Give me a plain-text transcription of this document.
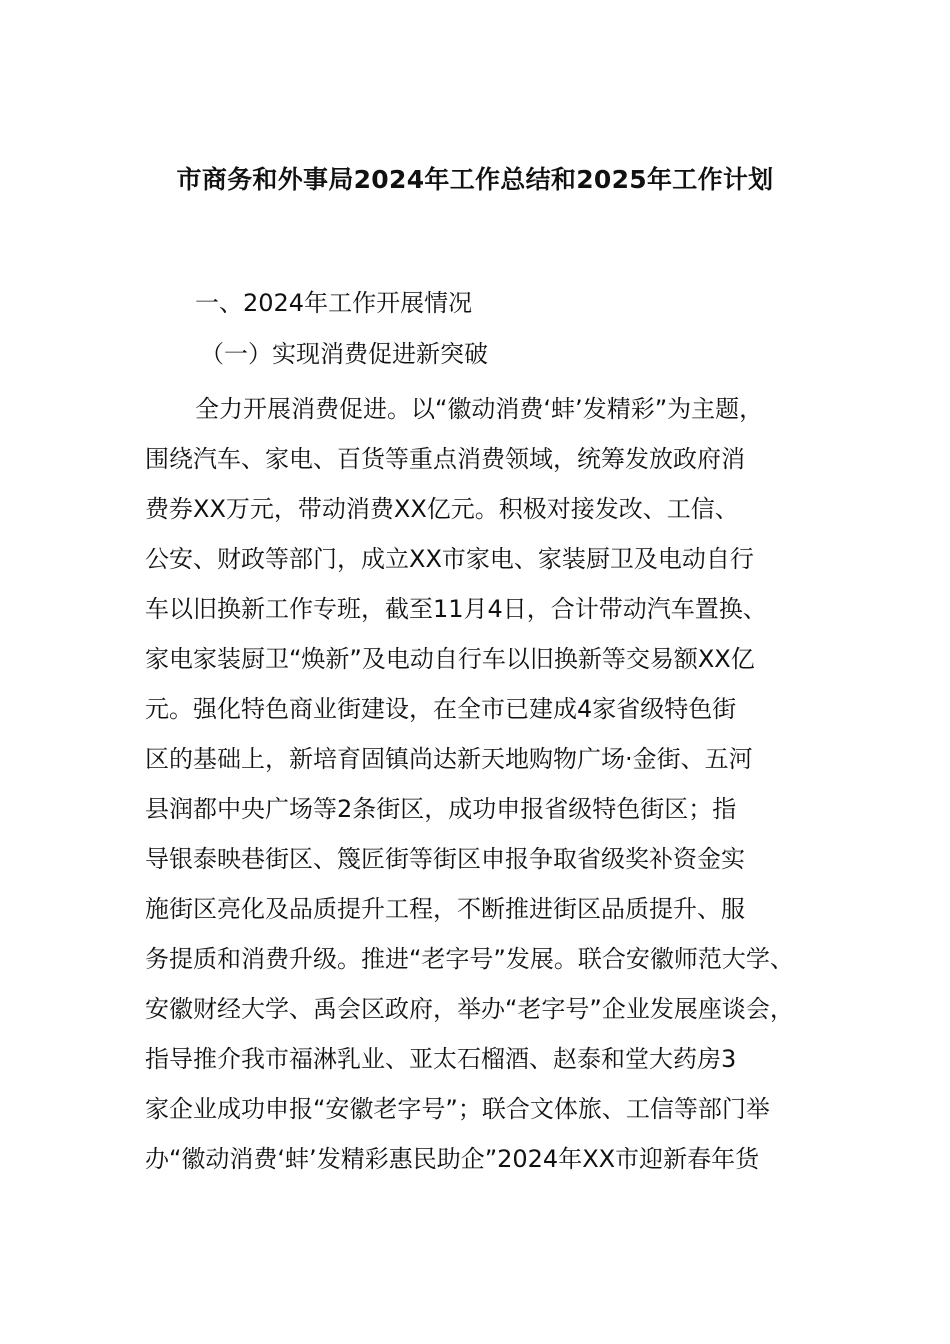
市商务和外事局2024年工作总结和2025年工作计划
一、2024年工作开展情况
（一）实现消费促进新突破
全力开展消费促进。以“徽动消费‘蚌’发精彩”为主题，
围绕汽车、家电、百货等重点消费领域，统筹发放政府消
费券XX万元，带动消费XX亿元。积极对接发改、工信、
公安、财政等部门，成立XX市家电、家装厨卫及电动自行
车以旧换新工作专班，截至11月4日，合计带动汽车置换、
家电家装厨卫“焕新”及电动自行车以旧换新等交易额XX亿
元。强化特色商业街建设，在全市已建成4家省级特色街
区的基础上，新培育固镇尚达新天地购物广场·金街、五河
县润都中央广场等2条街区，成功申报省级特色街区；指
导银泰映巷街区、篾匠街等街区申报争取省级奖补资金实
施街区亮化及品质提升工程，不断推进街区品质提升、服
务提质和消费升级。推进“老字号”发展。联合安徽师范大学、
安徽财经大学、禹会区政府，举办“老字号”企业发展座谈会，
指导推介我市福淋乳业、亚太石榴酒、赵泰和堂大药房3
家企业成功申报“安徽老字号”；联合文体旅、工信等部门举
办“徽动消费‘蚌’发精彩惠民助企”2024年XX市迎新春年货
